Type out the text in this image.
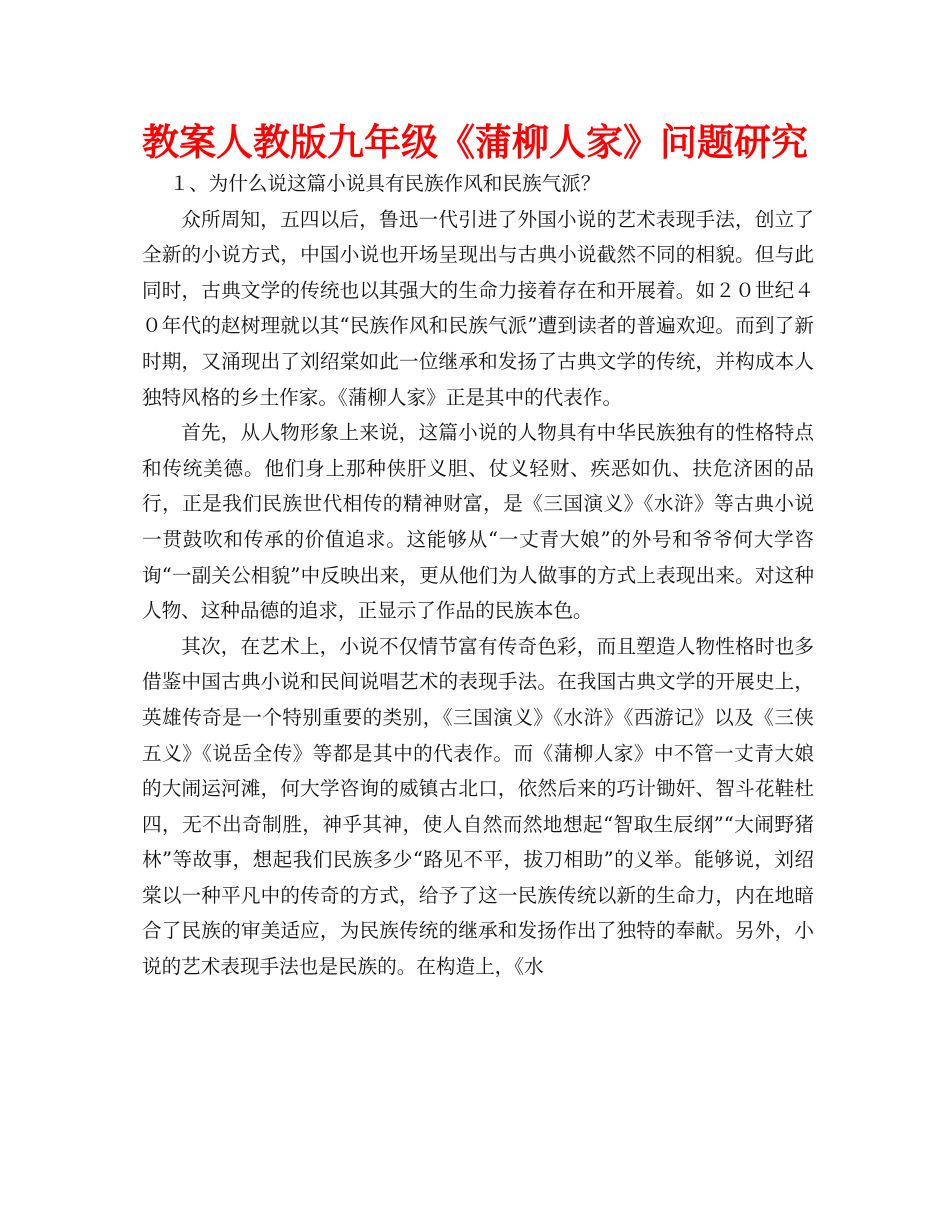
教案人教版九年级《蒲柳人家》问题研究

１、为什么说这篇小说具有民族作风和民族气派？

众所周知，五四以后，鲁迅一代引进了外国小说的艺术表现手法，创立了全新的小说方式，中国小说也开场呈现出与古典小说截然不同的相貌。但与此同时，古典文学的传统也以其强大的生命力接着存在和开展着。如２０世纪４０年代的赵树理就以其“民族作风和民族气派”遭到读者的普遍欢迎。而到了新时期，又涌现出了刘绍棠如此一位继承和发扬了古典文学的传统，并构成本人独特风格的乡土作家。《蒲柳人家》正是其中的代表作。

首先，从人物形象上来说，这篇小说的人物具有中华民族独有的性格特点和传统美德。他们身上那种侠肝义胆、仗义轻财、疾恶如仇、扶危济困的品行，正是我们民族世代相传的精神财富，是《三国演义》《水浒》等古典小说一贯鼓吹和传承的价值追求。这能够从“一丈青大娘”的外号和爷爷何大学咨询“一副关公相貌”中反映出来，更从他们为人做事的方式上表现出来。对这种人物、这种品德的追求，正显示了作品的民族本色。

其次，在艺术上，小说不仅情节富有传奇色彩，而且塑造人物性格时也多借鉴中国古典小说和民间说唱艺术的表现手法。在我国古典文学的开展史上，英雄传奇是一个特别重要的类别，《三国演义》《水浒》《西游记》以及《三侠五义》《说岳全传》等都是其中的代表作。而《蒲柳人家》中不管一丈青大娘的大闹运河滩，何大学咨询的威镇古北口，依然后来的巧计锄奸、智斗花鞋杜四，无不出奇制胜，神乎其神，使人自然而然地想起“智取生辰纲”“大闹野猪林”等故事，想起我们民族多少“路见不平，拔刀相助”的义举。能够说，刘绍棠以一种平凡中的传奇的方式，给予了这一民族传统以新的生命力，内在地暗合了民族的审美适应，为民族传统的继承和发扬作出了独特的奉献。另外，小说的艺术表现手法也是民族的。在构造上，《水
